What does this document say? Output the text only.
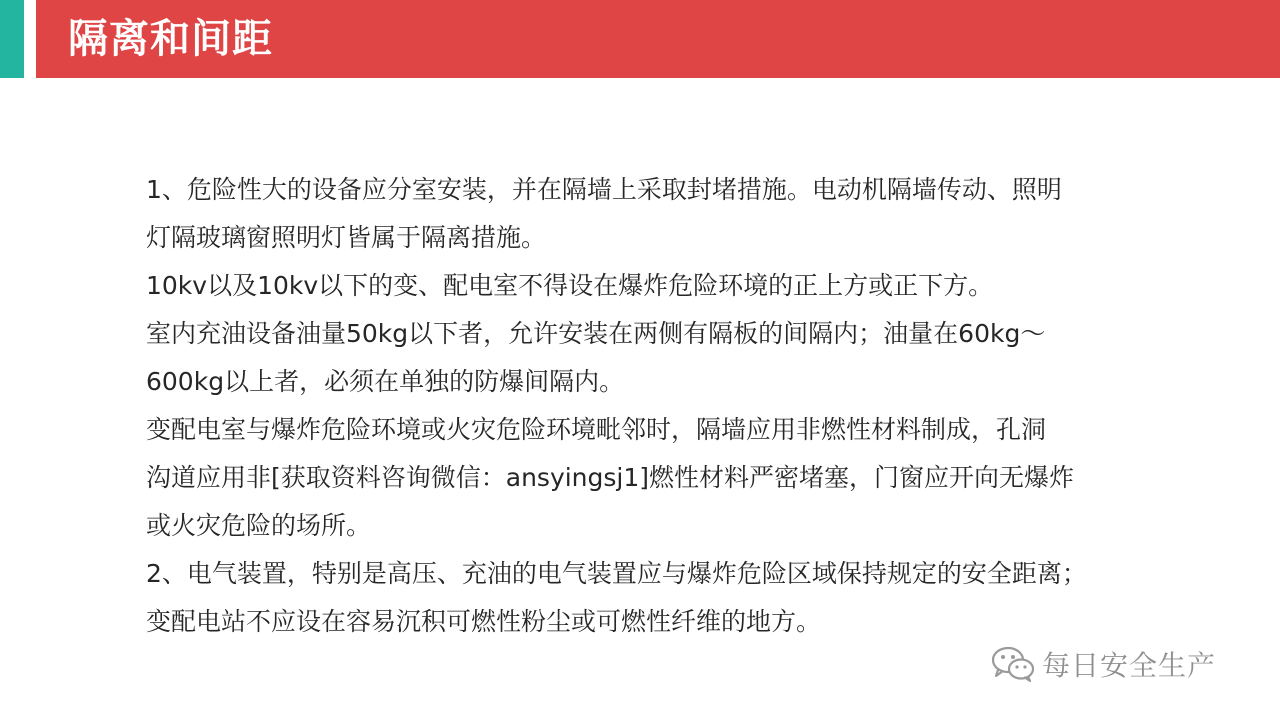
隔离和间距
1、危险性大的设备应分室安装，并在隔墙上采取封堵措施。电动机隔墙传动、照明
灯隔玻璃窗照明灯皆属于隔离措施。
10kv以及10kv以下的变、配电室不得设在爆炸危险环境的正上方或正下方。
室内充油设备油量50kg以下者，允许安装在两侧有隔板的间隔内；油量在60kg～
600kg以上者，必须在单独的防爆间隔内。
变配电室与爆炸危险环境或火灾危险环境毗邻时，隔墙应用非燃性材料制成，孔洞
沟道应用非[获取资料咨询微信：ansyingsj1]燃性材料严密堵塞，门窗应开向无爆炸
或火灾危险的场所。
2、电气装置，特别是高压、充油的电气装置应与爆炸危险区域保持规定的安全距离；
变配电站不应设在容易沉积可燃性粉尘或可燃性纤维的地方。
每日安全生产
